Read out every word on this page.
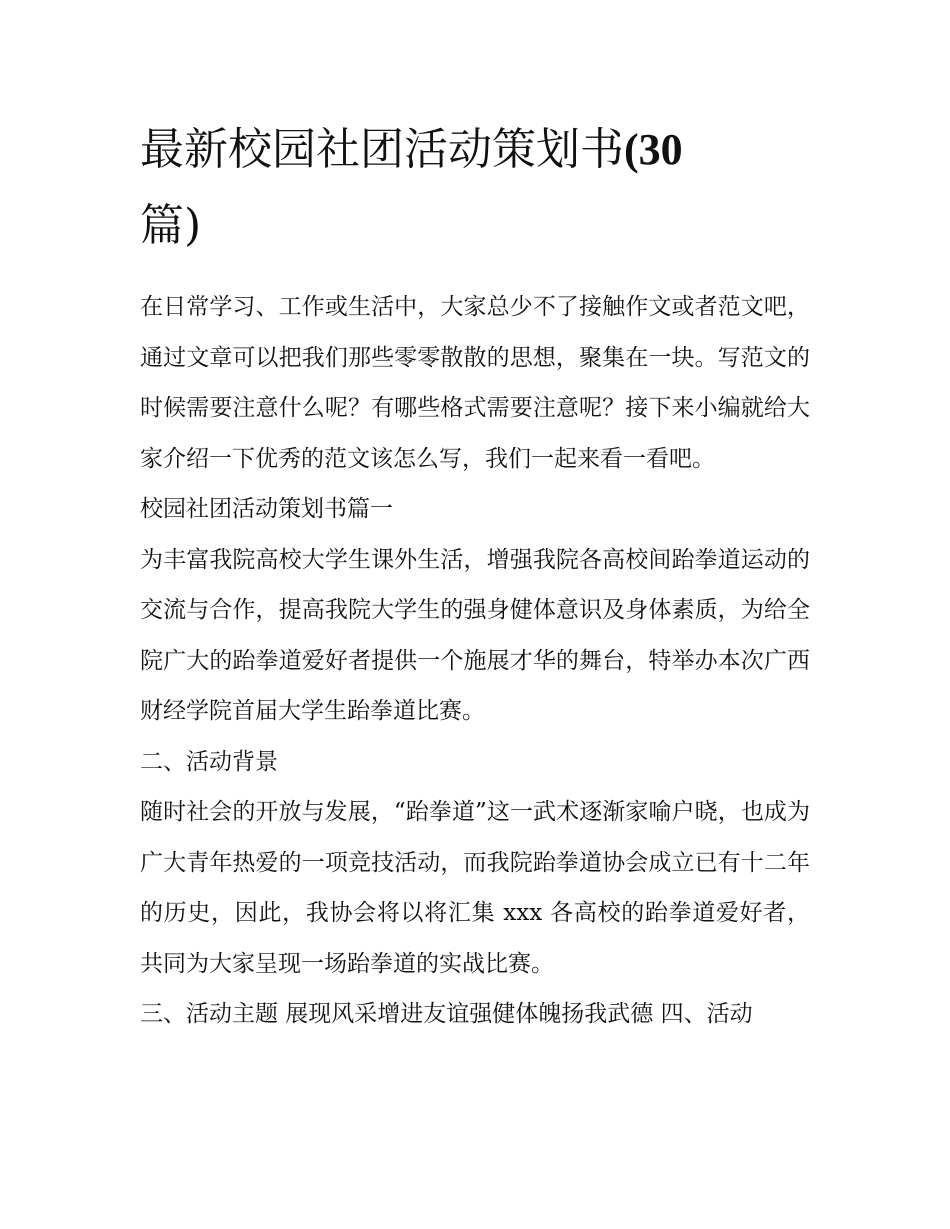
最新校园社团活动策划书(30
篇)

在日常学习、工作或生活中，大家总少不了接触作文或者范文吧，通过文章可以把我们那些零零散散的思想，聚集在一块。写范文的时候需要注意什么呢？有哪些格式需要注意呢？接下来小编就给大家介绍一下优秀的范文该怎么写，我们一起来看一看吧。

校园社团活动策划书篇一

为丰富我院高校大学生课外生活，增强我院各高校间跆拳道运动的交流与合作，提高我院大学生的强身健体意识及身体素质，为给全院广大的跆拳道爱好者提供一个施展才华的舞台，特举办本次广西财经学院首届大学生跆拳道比赛。

二、活动背景

随时社会的开放与发展，“跆拳道”这一武术逐渐家喻户晓，也成为广大青年热爱的一项竞技活动，而我院跆拳道协会成立已有十二年的历史，因此，我协会将以将汇集 xxx 各高校的跆拳道爱好者，共同为大家呈现一场跆拳道的实战比赛。

三、活动主题 展现风采增进友谊强健体魄扬我武德 四、活动
